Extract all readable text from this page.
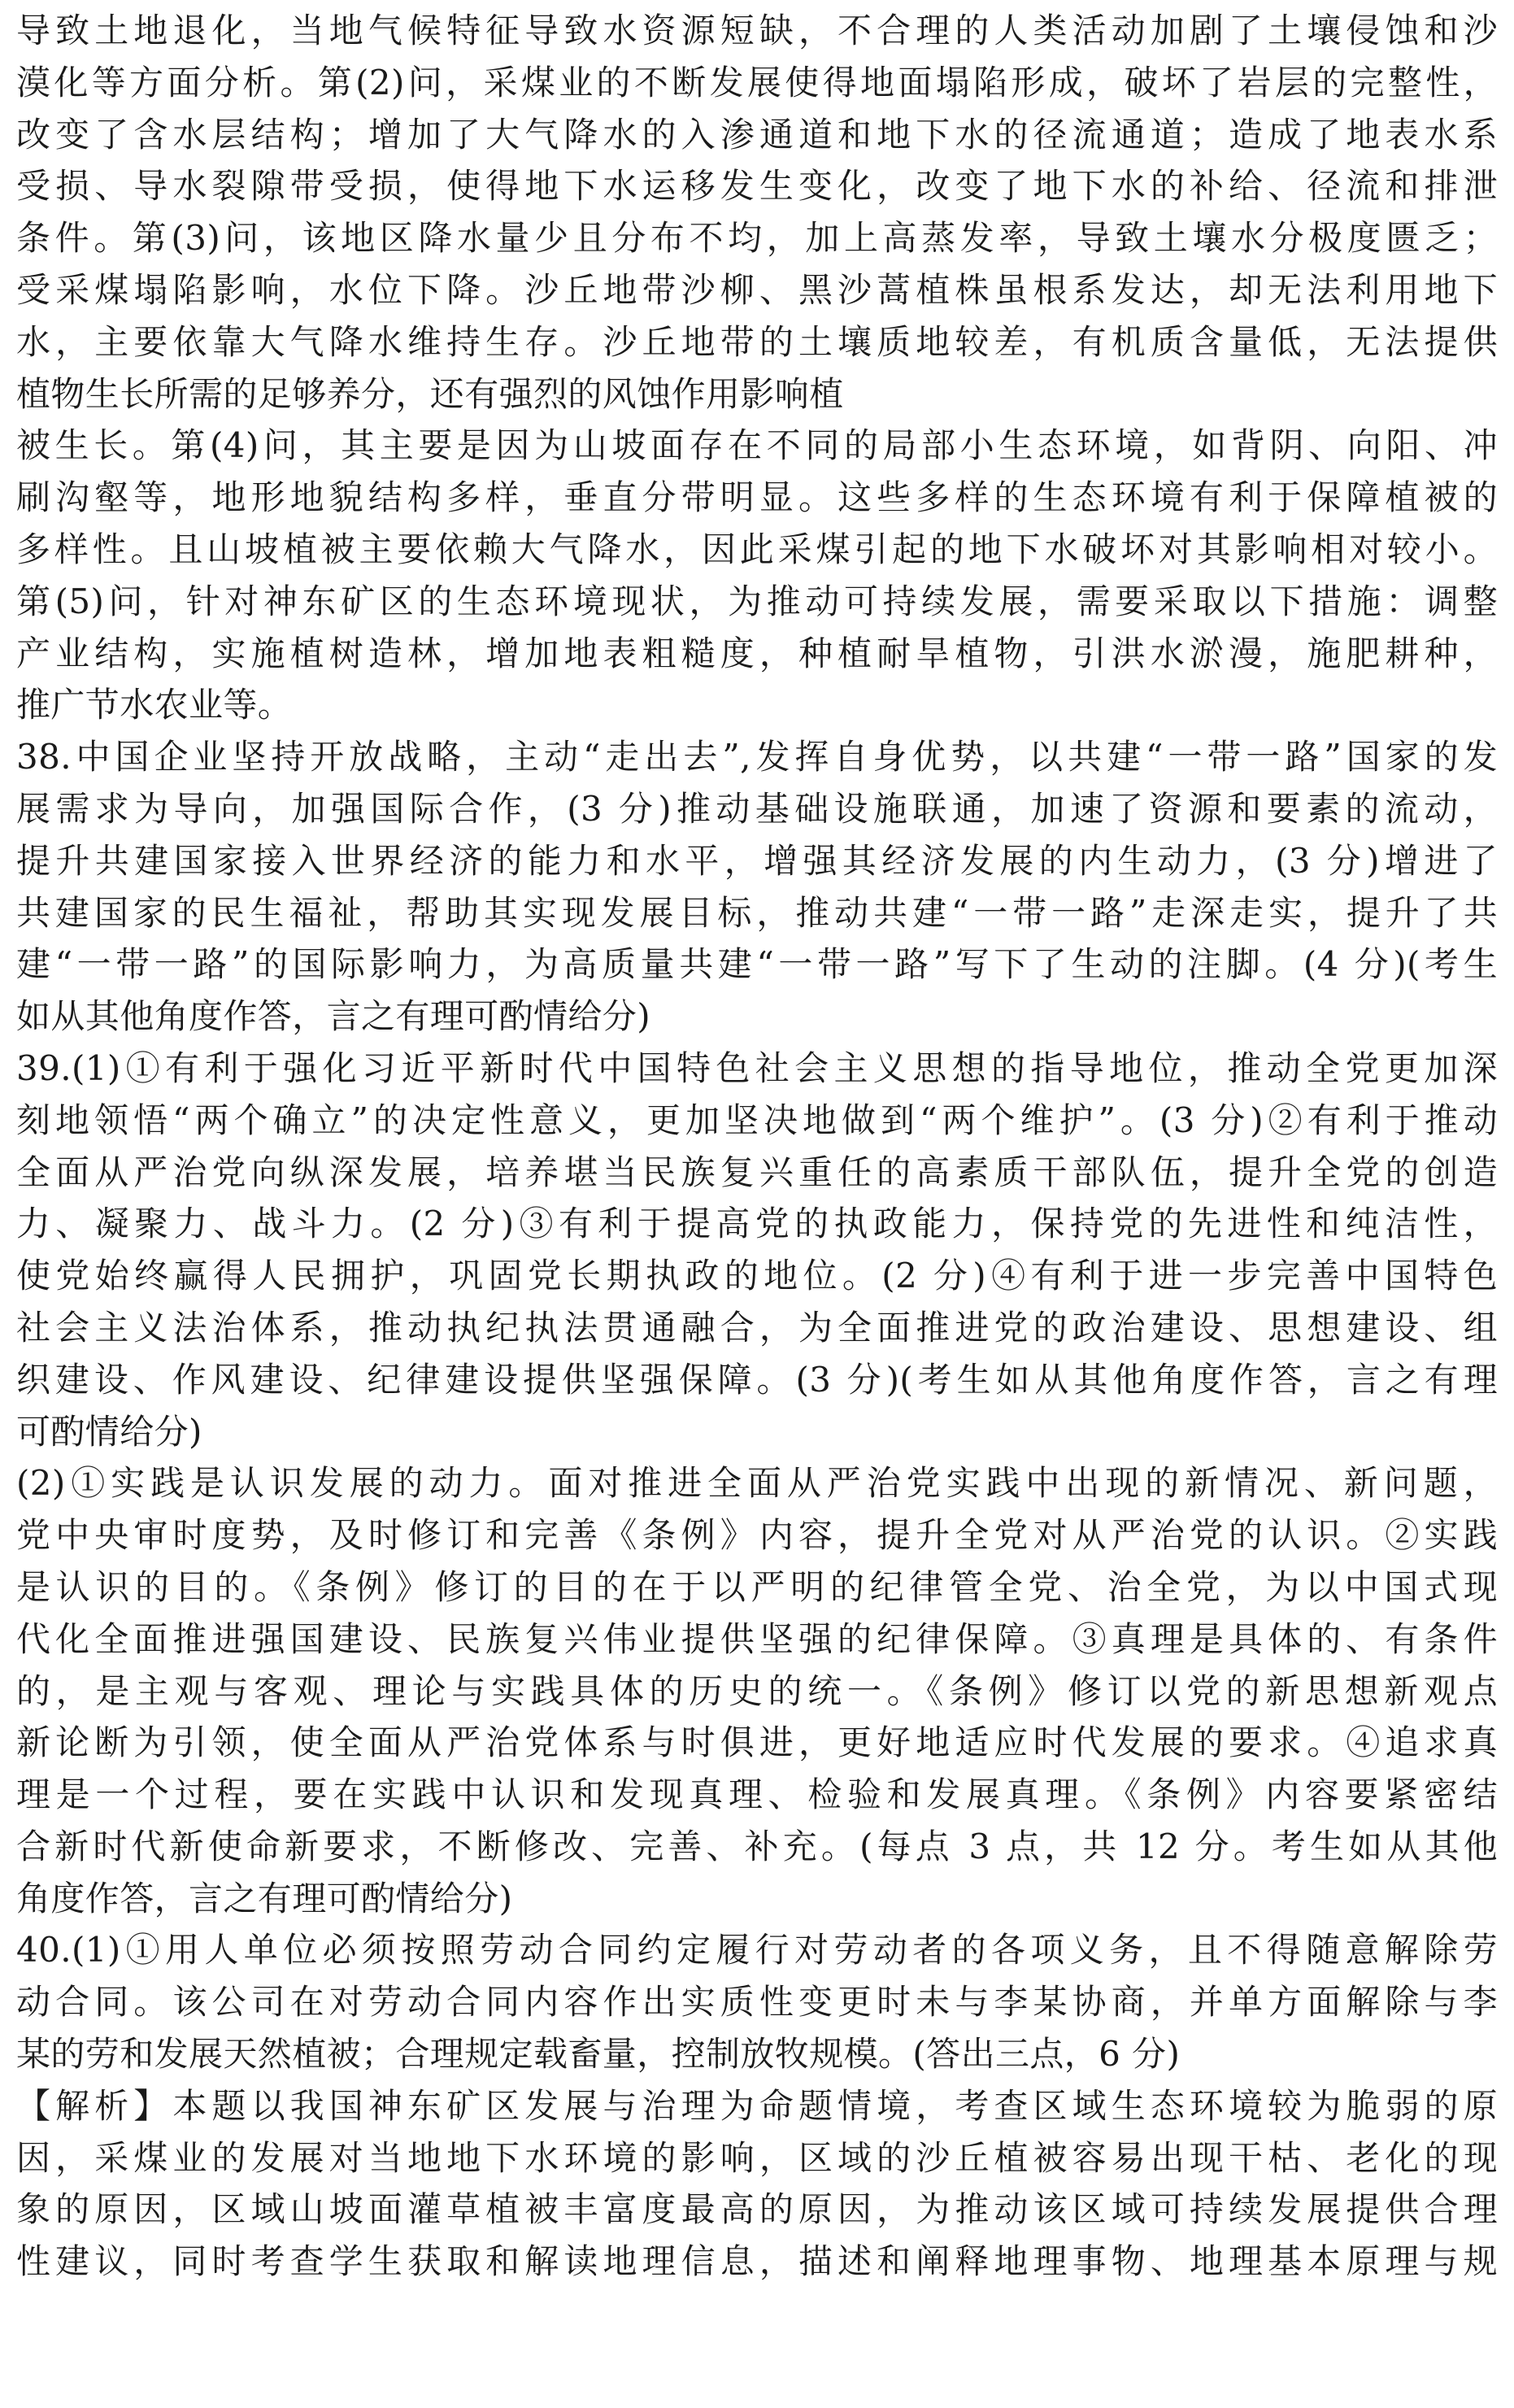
导致土地退化，当地气候特征导致水资源短缺，不合理的人类活动加剧了土壤侵蚀和沙
漠化等方面分析。第(2)问，采煤业的不断发展使得地面塌陷形成，破坏了岩层的完整性，
改变了含水层结构；增加了大气降水的入渗通道和地下水的径流通道；造成了地表水系
受损、导水裂隙带受损，使得地下水运移发生变化，改变了地下水的补给、径流和排泄
条件。第(3)问，该地区降水量少且分布不均，加上高蒸发率，导致土壤水分极度匮乏；
受采煤塌陷影响，水位下降。沙丘地带沙柳、黑沙蒿植株虽根系发达，却无法利用地下
水，主要依靠大气降水维持生存。沙丘地带的土壤质地较差，有机质含量低，无法提供
植物生长所需的足够养分，还有强烈的风蚀作用影响植
被生长。第(4)问，其主要是因为山坡面存在不同的局部小生态环境，如背阴、向阳、冲
刷沟壑等，地形地貌结构多样，垂直分带明显。这些多样的生态环境有利于保障植被的
多样性。且山坡植被主要依赖大气降水，因此采煤引起的地下水破坏对其影响相对较小。
第(5)问，针对神东矿区的生态环境现状，为推动可持续发展，需要采取以下措施：调整
产业结构，实施植树造林，增加地表粗糙度，种植耐旱植物，引洪水淤漫，施肥耕种，
推广节水农业等。
38.中国企业坚持开放战略，主动“走出去”,发挥自身优势，以共建“一带一路”国家的发
展需求为导向，加强国际合作，(3 分)推动基础设施联通，加速了资源和要素的流动，
提升共建国家接入世界经济的能力和水平，增强其经济发展的内生动力，(3 分)增进了
共建国家的民生福祉，帮助其实现发展目标，推动共建“一带一路”走深走实，提升了共
建“一带一路”的国际影响力，为高质量共建“一带一路”写下了生动的注脚。(4 分)(考生
如从其他角度作答，言之有理可酌情给分)
39.(1)①有利于强化习近平新时代中国特色社会主义思想的指导地位，推动全党更加深
刻地领悟“两个确立”的决定性意义，更加坚决地做到“两个维护”。(3 分)②有利于推动
全面从严治党向纵深发展，培养堪当民族复兴重任的高素质干部队伍，提升全党的创造
力、凝聚力、战斗力。(2 分)③有利于提高党的执政能力，保持党的先进性和纯洁性，
使党始终赢得人民拥护，巩固党长期执政的地位。(2 分)④有利于进一步完善中国特色
社会主义法治体系，推动执纪执法贯通融合，为全面推进党的政治建设、思想建设、组
织建设、作风建设、纪律建设提供坚强保障。(3 分)(考生如从其他角度作答，言之有理
可酌情给分)
(2)①实践是认识发展的动力。面对推进全面从严治党实践中出现的新情况、新问题，
党中央审时度势，及时修订和完善《条例》内容，提升全党对从严治党的认识。②实践
是认识的目的。《条例》修订的目的在于以严明的纪律管全党、治全党，为以中国式现
代化全面推进强国建设、民族复兴伟业提供坚强的纪律保障。③真理是具体的、有条件
的，是主观与客观、理论与实践具体的历史的统一。《条例》修订以党的新思想新观点
新论断为引领，使全面从严治党体系与时俱进，更好地适应时代发展的要求。④追求真
理是一个过程，要在实践中认识和发现真理、检验和发展真理。《条例》内容要紧密结
合新时代新使命新要求，不断修改、完善、补充。(每点 3 点，共 12 分。考生如从其他
角度作答，言之有理可酌情给分)
40.(1)①用人单位必须按照劳动合同约定履行对劳动者的各项义务，且不得随意解除劳
动合同。该公司在对劳动合同内容作出实质性变更时未与李某协商，并单方面解除与李
某的劳和发展天然植被；合理规定载畜量，控制放牧规模。(答出三点，6 分)
【解析】本题以我国神东矿区发展与治理为命题情境，考查区域生态环境较为脆弱的原
因，采煤业的发展对当地地下水环境的影响，区域的沙丘植被容易出现干枯、老化的现
象的原因，区域山坡面灌草植被丰富度最高的原因，为推动该区域可持续发展提供合理
性建议，同时考查学生获取和解读地理信息，描述和阐释地理事物、地理基本原理与规
